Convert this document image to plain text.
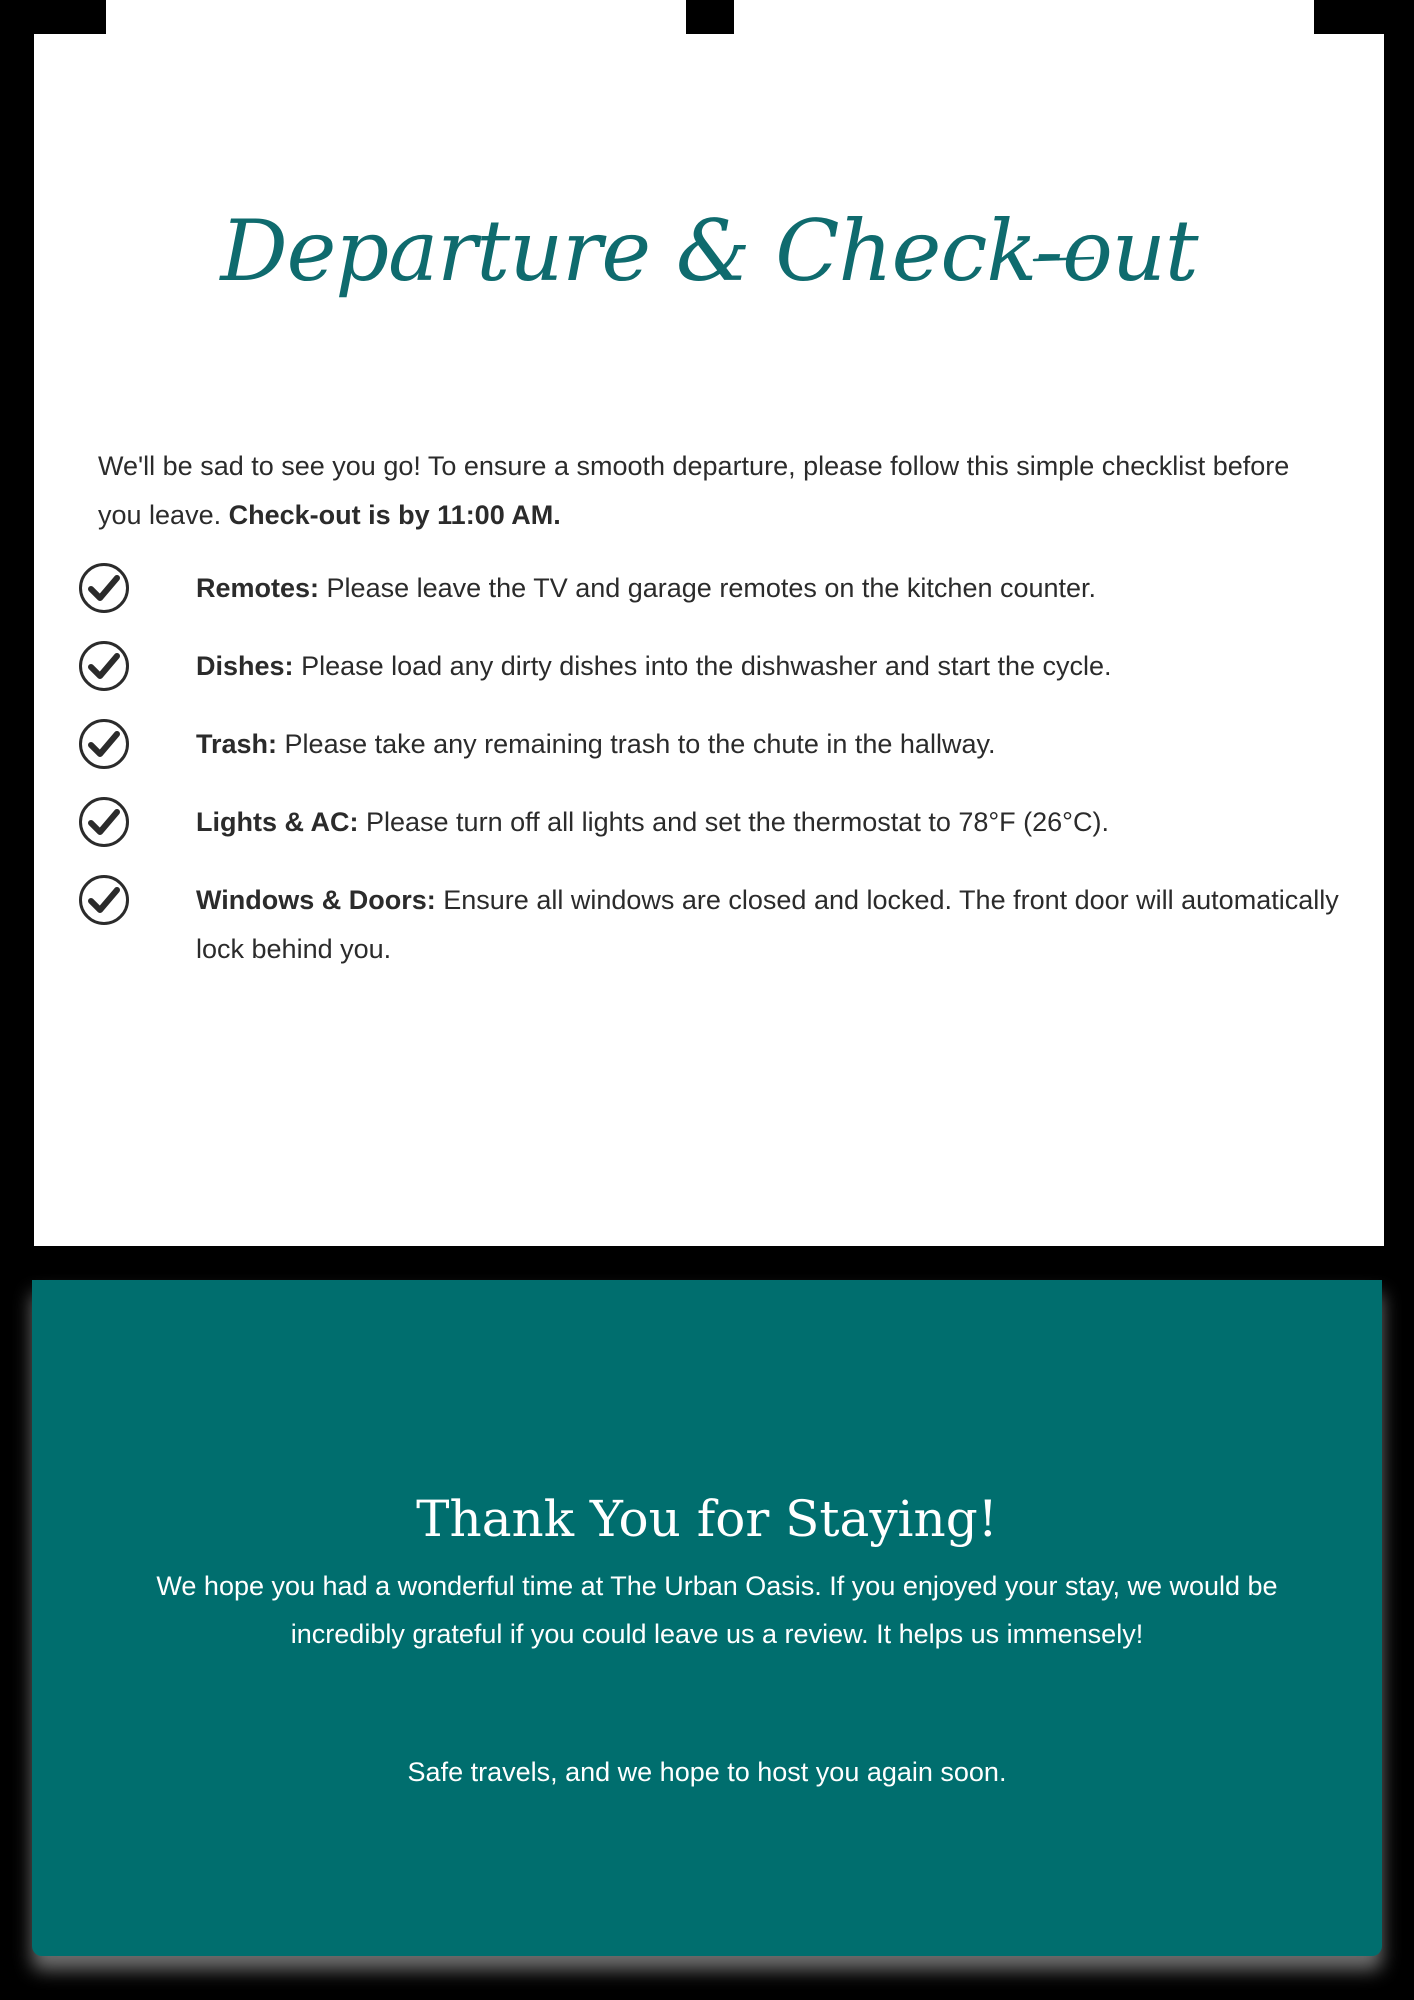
Departure & Check-out

We'll be sad to see you go! To ensure a smooth departure, please follow this simple checklist before you leave. Check-out is by 11:00 AM.

Remotes: Please leave the TV and garage remotes on the kitchen counter.
Dishes: Please load any dirty dishes into the dishwasher and start the cycle.
Trash: Please take any remaining trash to the chute in the hallway.
Lights & AC: Please turn off all lights and set the thermostat to 78°F (26°C).
Windows & Doors: Ensure all windows are closed and locked. The front door will automatically lock behind you.
Thank You for Staying!

We hope you had a wonderful time at The Urban Oasis. If you enjoyed your stay, we would be incredibly grateful if you could leave us a review. It helps us immensely!

Safe travels, and we hope to host you again soon.
